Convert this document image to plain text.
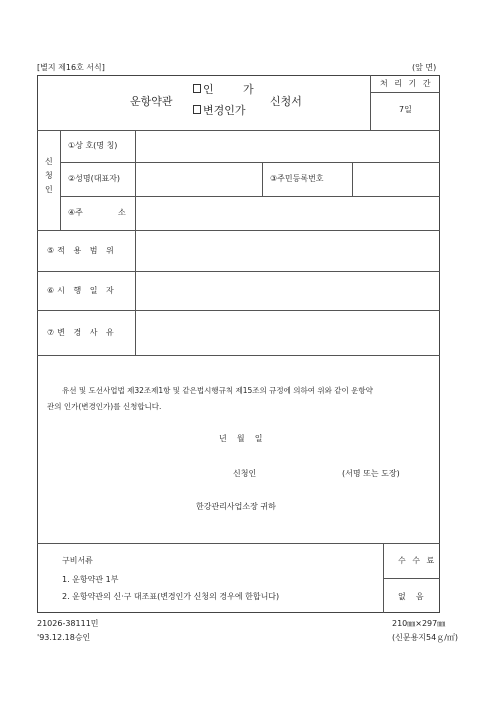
[별지 제16호 서식]	(앞 면)
운항약관
인	가
변경인가
신청서
처 리 기 간
7일
신
청
인
①상 호(명 칭)
②성명(대표자)	③주민등록번호
④주	소
⑤적 용 범 위
⑥시 행 일 자
⑦변 경 사 유
유선 및 도선사업법 제32조제1항 및 같은법시행규칙 제15조의 규정에 의하여 위와 같이 운항약
관의 인가(변경인가)를 신청합니다.
년    월    일
신청인	(서명 또는 도장)
한강관리사업소장 귀하
구비서류
1. 운항약관 1부
2. 운항약관의 신·구 대조표(변경인가 신청의 경우에 한합니다)
수 수 료
없    음
21026-38111민
'93.12.18승인
210㎜×297㎜
(신문용지54ｇ/㎡)
